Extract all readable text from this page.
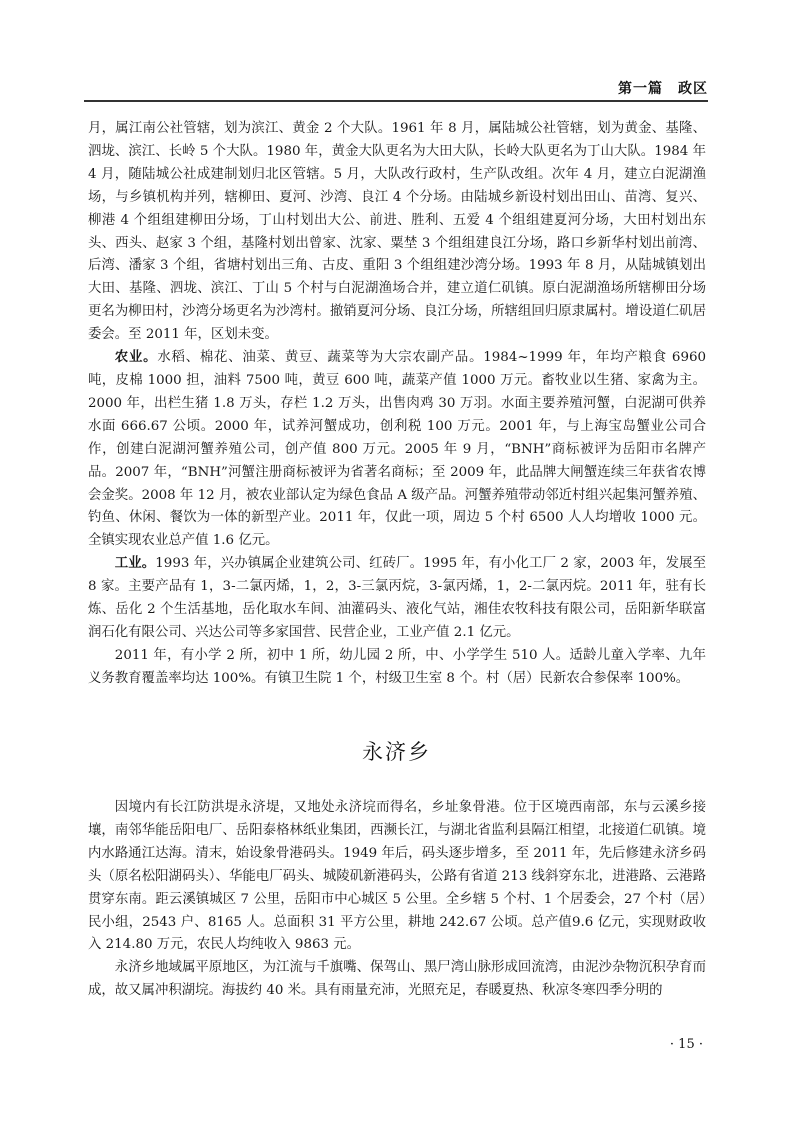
第一篇　政区

月，属江南公社管辖，划为滨江、黄金 2 个大队。1961 年 8 月，属陆城公社管辖，划为黄金、基隆、泗垅、滨江、长岭 5 个大队。1980 年，黄金大队更名为大田大队，长岭大队更名为丁山大队。1984 年 4 月，随陆城公社成建制划归北区管辖。5 月，大队改行政村，生产队改组。次年 4 月，建立白泥湖渔场，与乡镇机构并列，辖柳田、夏河、沙湾、良江 4 个分场。由陆城乡新设村划出田山、苗湾、复兴、柳港 4 个组组建柳田分场，丁山村划出大公、前进、胜利、五爱 4 个组组建夏河分场，大田村划出东头、西头、赵家 3 个组，基隆村划出曾家、沈家、粟埜 3 个组组建良江分场，路口乡新华村划出前湾、后湾、潘家 3 个组，省塘村划出三角、古皮、重阳 3 个组组建沙湾分场。1993 年 8 月，从陆城镇划出大田、基隆、泗垅、滨江、丁山 5 个村与白泥湖渔场合并，建立道仁矶镇。原白泥湖渔场所辖柳田分场更名为柳田村，沙湾分场更名为沙湾村。撤销夏河分场、良江分场，所辖组回归原隶属村。增设道仁矶居委会。至 2011 年，区划未变。

农业。水稻、棉花、油菜、黄豆、蔬菜等为大宗农副产品。1984~1999 年，年均产粮食 6960 吨，皮棉 1000 担，油料 7500 吨，黄豆 600 吨，蔬菜产值 1000 万元。畜牧业以生猪、家禽为主。2000 年，出栏生猪 1.8 万头，存栏 1.2 万头，出售肉鸡 30 万羽。水面主要养殖河蟹，白泥湖可供养水面 666.67 公顷。2000 年，试养河蟹成功，创利税 100 万元。2001 年，与上海宝岛蟹业公司合作，创建白泥湖河蟹养殖公司，创产值 800 万元。2005 年 9 月，“BNH”商标被评为岳阳市名牌产品。2007 年，“BNH”河蟹注册商标被评为省著名商标；至 2009 年，此品牌大闸蟹连续三年获省农博会金奖。2008 年 12 月，被农业部认定为绿色食品 A 级产品。河蟹养殖带动邻近村组兴起集河蟹养殖、钓鱼、休闲、餐饮为一体的新型产业。2011 年，仅此一项，周边 5 个村 6500 人人均增收 1000 元。全镇实现农业总产值 1.6 亿元。

工业。1993 年，兴办镇属企业建筑公司、红砖厂。1995 年，有小化工厂 2 家，2003 年，发展至 8 家。主要产品有 1，3-二氯丙烯，1，2，3-三氯丙烷，3-氯丙烯，1，2-二氯丙烷。2011 年，驻有长炼、岳化 2 个生活基地，岳化取水车间、油灌码头、液化气站，湘佳农牧科技有限公司，岳阳新华联富润石化有限公司、兴达公司等多家国营、民营企业，工业产值 2.1 亿元。

2011 年，有小学 2 所，初中 1 所，幼儿园 2 所，中、小学学生 510 人。适龄儿童入学率、九年义务教育覆盖率均达 100%。有镇卫生院 1 个，村级卫生室 8 个。村（居）民新农合参保率 100%。

永济乡

因境内有长江防洪堤永济堤，又地处永济垸而得名，乡址象骨港。位于区境西南部，东与云溪乡接壤，南邻华能岳阳电厂、岳阳泰格林纸业集团，西濒长江，与湖北省监利县隔江相望，北接道仁矶镇。境内水路通江达海。清末，始设象骨港码头。1949 年后，码头逐步增多，至 2011 年，先后修建永济乡码头（原名松阳湖码头）、华能电厂码头、城陵矶新港码头，公路有省道 213 线斜穿东北，进港路、云港路贯穿东南。距云溪镇城区 7 公里，岳阳市中心城区 5 公里。全乡辖 5 个村、1 个居委会，27 个村（居）民小组，2543 户、8165 人。总面积 31 平方公里，耕地 242.67 公顷。总产值9.6 亿元，实现财政收入 214.80 万元，农民人均纯收入 9863 元。

永济乡地域属平原地区，为江流与千旗嘴、保驾山、黑尸湾山脉形成回流湾，由泥沙杂物沉积孕育而成，故又属冲积湖垸。海拔约 40 米。具有雨量充沛，光照充足，春暖夏热、秋凉冬寒四季分明的

· 15 ·
